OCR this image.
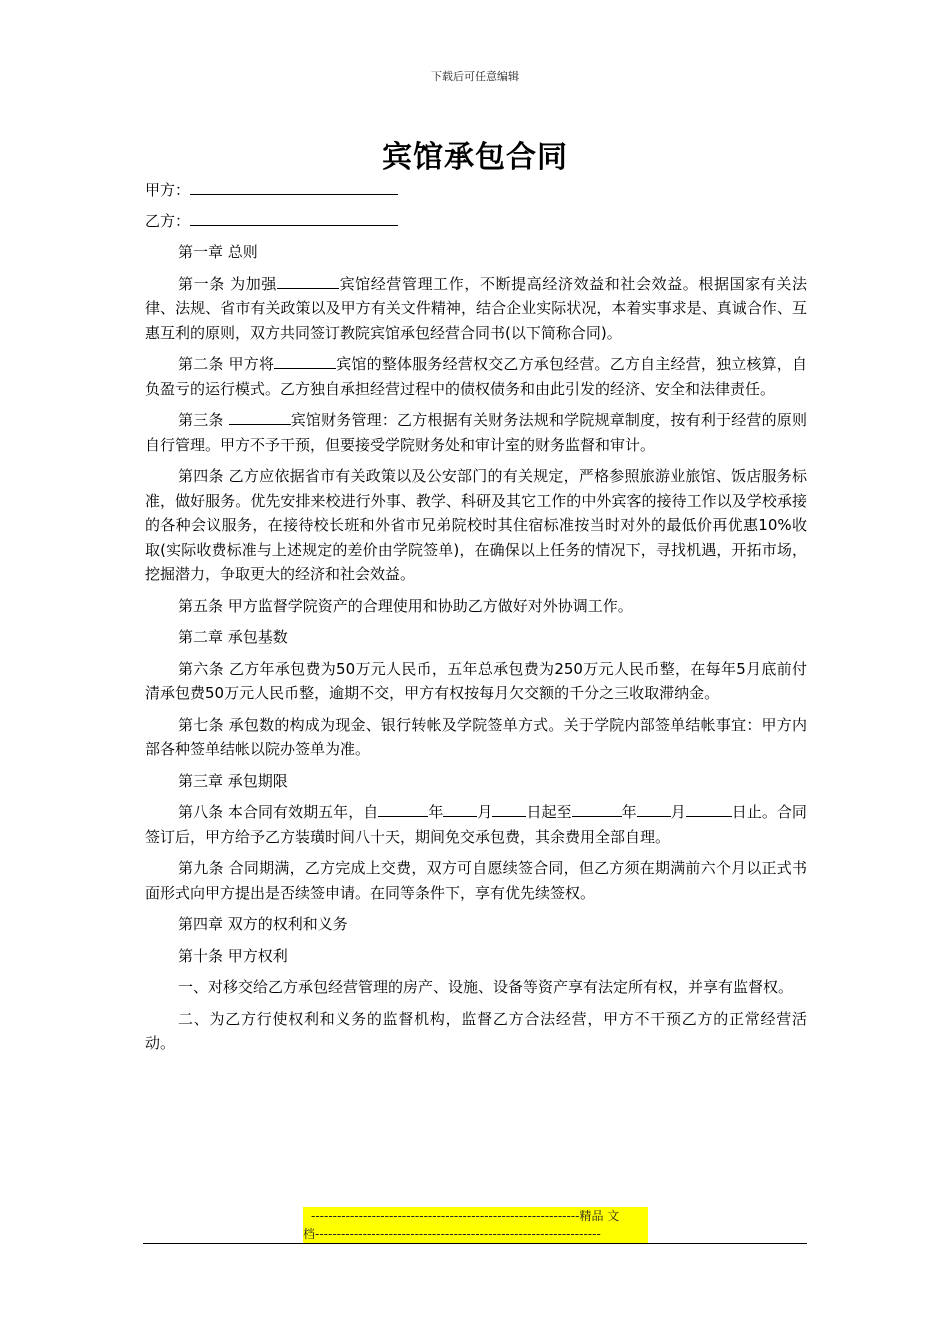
下载后可任意编辑
宾馆承包合同
甲方：
乙方：

第一章 总则

第一条 为加强	宾馆经营管理工作，不断提高经济效益和社会效益。根据国家有关法律、法规、省市有关政策以及甲方有关文件精神，结合企业实际状况，本着实事求是、真诚合作、互惠互利的原则，双方共同签订教院宾馆承包经营合同书(以下简称合同)。

第二条 甲方将	宾馆的整体服务经营权交乙方承包经营。乙方自主经营，独立核算，自负盈亏的运行模式。乙方独自承担经营过程中的债权债务和由此引发的经济、安全和法律责任。

第三条	宾馆财务管理：乙方根据有关财务法规和学院规章制度，按有利于经营的原则自行管理。甲方不予干预，但要接受学院财务处和审计室的财务监督和审计。

第四条 乙方应依据省市有关政策以及公安部门的有关规定，严格参照旅游业旅馆、饭店服务标准，做好服务。优先安排来校进行外事、教学、科研及其它工作的中外宾客的接待工作以及学校承接的各种会议服务，在接待校长班和外省市兄弟院校时其住宿标准按当时对外的最低价再优惠10%收取(实际收费标准与上述规定的差价由学院签单)，在确保以上任务的情况下，寻找机遇，开拓市场，挖掘潜力，争取更大的经济和社会效益。

第五条 甲方监督学院资产的合理使用和协助乙方做好对外协调工作。

第二章 承包基数

第六条 乙方年承包费为50万元人民币，五年总承包费为250万元人民币整，在每年5月底前付清承包费50万元人民币整，逾期不交，甲方有权按每月欠交额的千分之三收取滞纳金。

第七条 承包数的构成为现金、银行转帐及学院签单方式。关于学院内部签单结帐事宜：甲方内部各种签单结帐以院办签单为准。

第三章 承包期限

第八条 本合同有效期五年，自	年 月 日起至	年 月	日止。合同签订后，甲方给予乙方装璜时间八十天，期间免交承包费，其余费用全部自理。

第九条 合同期满，乙方完成上交费，双方可自愿续签合同，但乙方须在期满前六个月以正式书面形式向甲方提出是否续签申请。在同等条件下，享有优先续签权。

第四章 双方的权利和义务

第十条 甲方权利

一、对移交给乙方承包经营管理的房产、设施、设备等资产享有法定所有权，并享有监督权。

二、为乙方行使权利和义务的监督机构，监督乙方合法经营，甲方不干预乙方的正常经营活动。

--------------------------------------------------------------精品 文
档------------------------------------------------------------------
